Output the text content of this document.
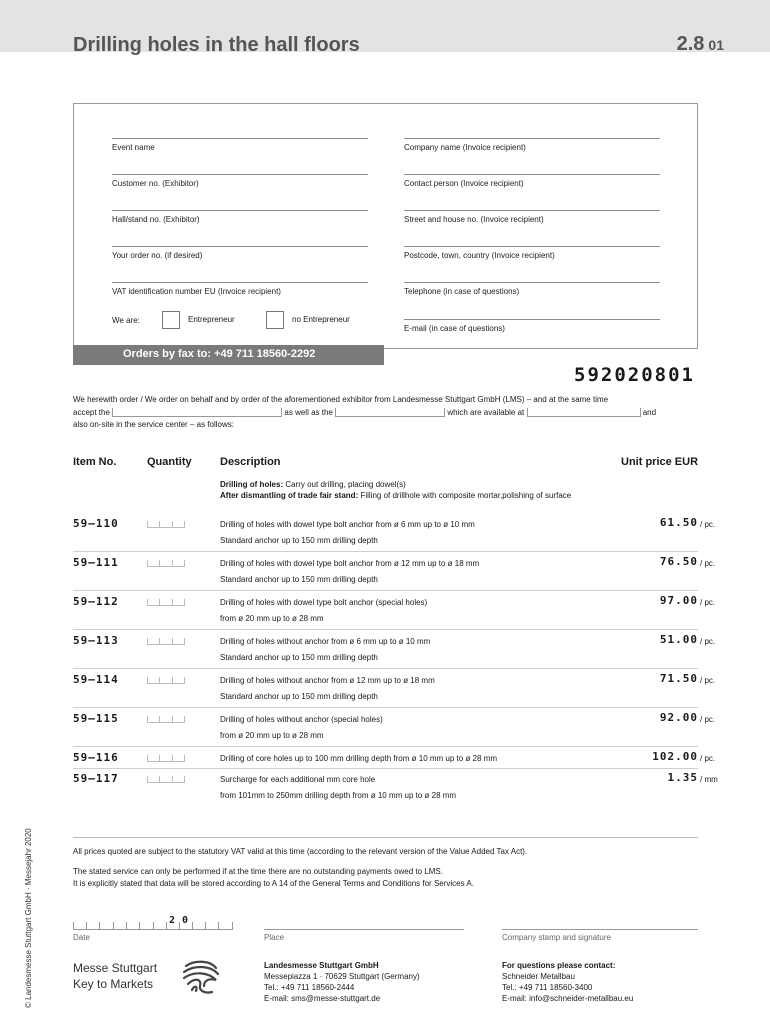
Drilling holes in the hall floors	2.8 01
Event name
Customer no. (Exhibitor)
Hall/stand no. (Exhibitor)
Your order no. (if desired)
VAT identification number EU (Invoice recipient)
Company name (Invoice recipient)
Contact person (Invoice recipient)
Street and house no. (Invoice recipient)
Postcode, town, country (Invoice recipient)
Telephone (in case of questions)
E-mail (in case of questions)
We are:	Entrepreneur	no Entrepreneur
Orders by fax to: +49 711 18560-2292
592020801
We herewith order / We order on behalf and by order of the aforementioned exhibitor from Landesmesse Stuttgart GmbH (LMS) – and at the same time
accept the	as well as the	which are available at	and
also on-site in the service center – as follows:
Item No.	Quantity	Description	Unit price EUR
Drilling of holes: Carry out drilling, placing dowel(s)
After dismantling of trade fair stand: Filling of drillhole with composite mortar,polishing of surface
59–110	Drilling of holes with dowel type bolt anchor from ø 6 mm up to ø 10 mm	61.50 / pc.
Standard anchor up to 150 mm drilling depth
59–111	Drilling of holes with dowel type bolt anchor from ø 12 mm up to ø 18 mm	76.50 / pc.
Standard anchor up to 150 mm drilling depth
59–112	Drilling of holes with dowel type bolt anchor (special holes)	97.00 / pc.
from ø 20 mm up to ø 28 mm
59–113	Drilling of holes without anchor from ø 6 mm up to ø 10 mm	51.00 / pc.
Standard anchor up to 150 mm drilling depth
59–114	Drilling of holes without anchor from ø 12 mm up to ø 18 mm	71.50 / pc.
Standard anchor up to 150 mm drilling depth
59–115	Drilling of holes without anchor (special holes)	92.00 / pc.
from ø 20 mm up to ø 28 mm
59–116	Drilling of core holes up to 100 mm drilling depth from ø 10 mm up to ø 28 mm	102.00 / pc.
59–117	Surcharge for each additional mm core hole	1.35 / mm
from 101mm to 250mm drilling depth from ø 10 mm up to ø 28 mm
All prices quoted are subject to the statutory VAT valid at this time (according to the relevant version of the Value Added Tax Act).
The stated service can only be performed if at the time there are no outstanding payments owed to LMS.
It is explicitly stated that data will be stored according to A 14 of the General Terms and Conditions for Services A.
© Landesmesse Stuttgart GmbH · Messejahr 2020	2 0
Date	Place	Company stamp and signature
Messe Stuttgart
Key to Markets
Landesmesse Stuttgart GmbH
Messepiazza 1 · 70629 Stuttgart (Germany)
Tel.: +49 711 18560-2444
E-mail: sms@messe-stuttgart.de
For questions please contact:
Schneider Metallbau
Tel.: +49 711 18560-3400
E-mail: info@schneider-metallbau.eu
